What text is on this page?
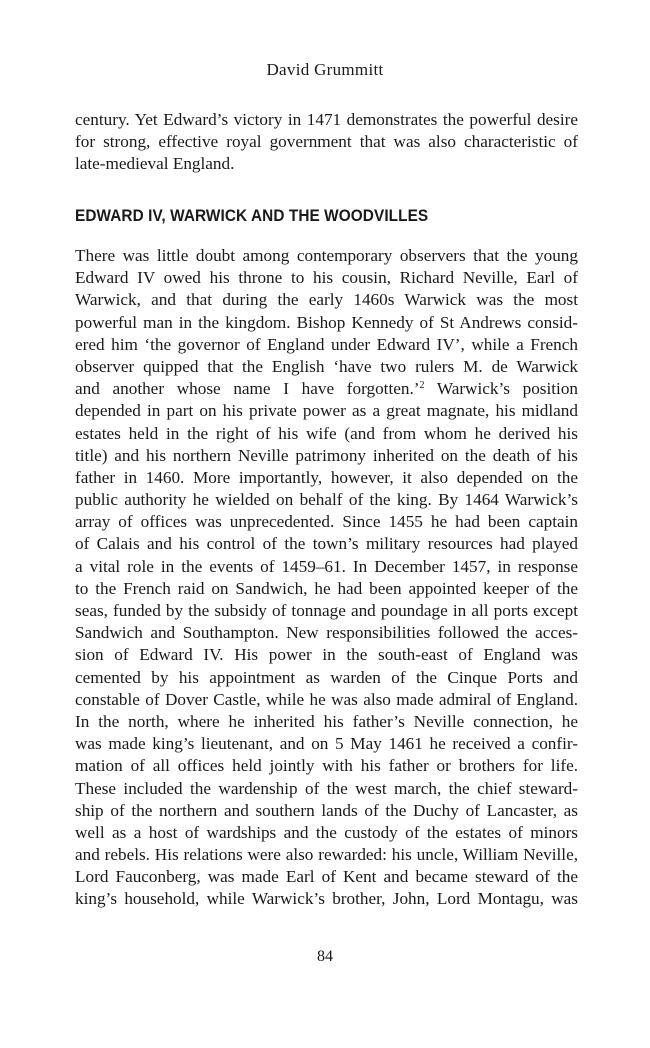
David Grummitt
century. Yet Edward’s victory in 1471 demonstrates the powerful desire
for strong, effective royal government that was also characteristic of
late-medieval England.
EDWARD IV, WARWICK AND THE WOODVILLES
There was little doubt among contemporary observers that the young
Edward IV owed his throne to his cousin, Richard Neville, Earl of
Warwick, and that during the early 1460s Warwick was the most
powerful man in the kingdom. Bishop Kennedy of St Andrews consid-
ered him ‘the governor of England under Edward IV’, while a French
observer quipped that the English ‘have two rulers M. de Warwick
and another whose name I have forgotten.’$^2$ Warwick’s position
depended in part on his private power as a great magnate, his midland
estates held in the right of his wife (and from whom he derived his
title) and his northern Neville patrimony inherited on the death of his
father in 1460. More importantly, however, it also depended on the
public authority he wielded on behalf of the king. By 1464 Warwick’s
array of offices was unprecedented. Since 1455 he had been captain
of Calais and his control of the town’s military resources had played
a vital role in the events of 1459–61. In December 1457, in response
to the French raid on Sandwich, he had been appointed keeper of the
seas, funded by the subsidy of tonnage and poundage in all ports except
Sandwich and Southampton. New responsibilities followed the acces-
sion of Edward IV. His power in the south-east of England was
cemented by his appointment as warden of the Cinque Ports and
constable of Dover Castle, while he was also made admiral of England.
In the north, where he inherited his father’s Neville connection, he
was made king’s lieutenant, and on 5 May 1461 he received a confir-
mation of all offices held jointly with his father or brothers for life.
These included the wardenship of the west march, the chief steward-
ship of the northern and southern lands of the Duchy of Lancaster, as
well as a host of wardships and the custody of the estates of minors
and rebels. His relations were also rewarded: his uncle, William Neville,
Lord Fauconberg, was made Earl of Kent and became steward of the
king’s household, while Warwick’s brother, John, Lord Montagu, was
84
